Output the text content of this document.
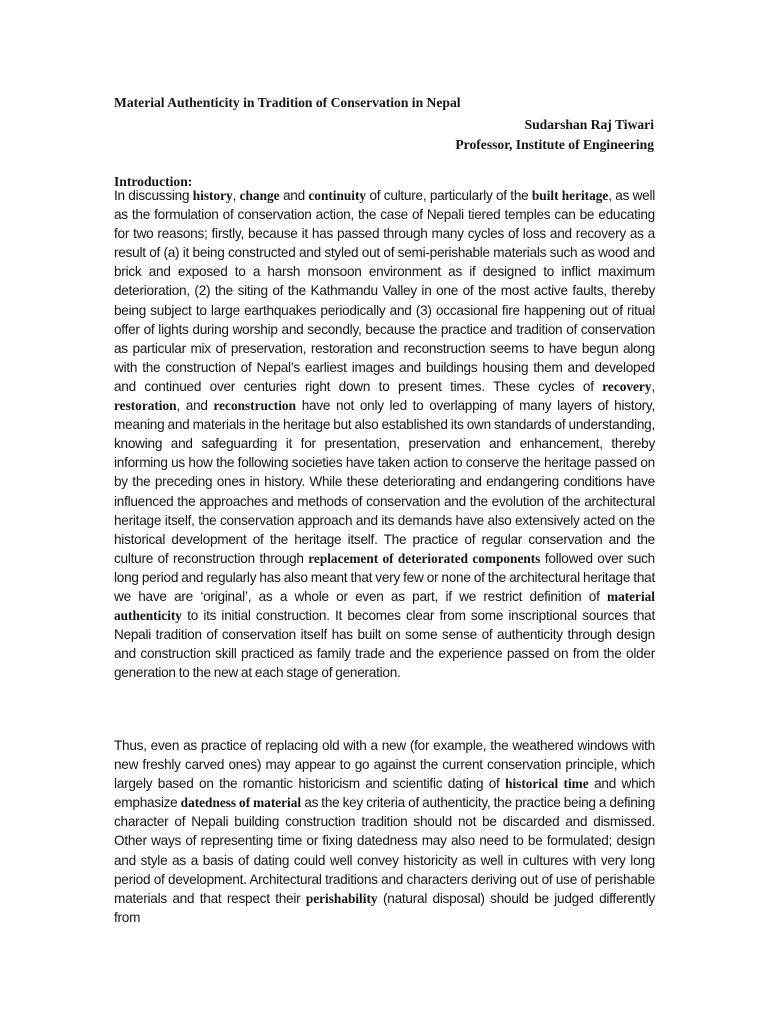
Material Authenticity in Tradition of Conservation in Nepal
Sudarshan Raj Tiwari
Professor, Institute of Engineering
Introduction:

In discussing history, change and continuity of culture, particularly of the built heritage, as well as the formulation of conservation action, the case of Nepali tiered temples can be educating for two reasons; firstly, because it has passed through many cycles of loss and recovery as a result of (a) it being constructed and styled out of semi-perishable materials such as wood and brick and exposed to a harsh monsoon environment as if designed to inflict maximum deterioration, (2) the siting of the Kathmandu Valley in one of the most active faults, thereby being subject to large earthquakes periodically and (3) occasional fire happening out of ritual offer of lights during worship and secondly, because the practice and tradition of conservation as particular mix of preservation, restoration and reconstruction seems to have begun along with the construction of Nepal’s earliest images and buildings housing them and developed and continued over centuries right down to present times. These cycles of recovery, restoration, and reconstruction have not only led to overlapping of many layers of history, meaning and materials in the heritage but also established its own standards of understanding, knowing and safeguarding it for presentation, preservation and enhancement, thereby informing us how the following societies have taken action to conserve the heritage passed on by the preceding ones in history. While these deteriorating and endangering conditions have influenced the approaches and methods of conservation and the evolution of the architectural heritage itself, the conservation approach and its demands have also extensively acted on the historical development of the heritage itself. The practice of regular conservation and the culture of reconstruction through replacement of deteriorated components followed over such long period and regularly has also meant that very few or none of the architectural heritage that we have are ‘original’, as a whole or even as part, if we restrict definition of material authenticity to its initial construction. It becomes clear from some inscriptional sources that Nepali tradition of conservation itself has built on some sense of authenticity through design and construction skill practiced as family trade and the experience passed on from the older generation to the new at each stage of generation.

Thus, even as practice of replacing old with a new (for example, the weathered windows with new freshly carved ones) may appear to go against the current conservation principle, which largely based on the romantic historicism and scientific dating of historical time and which emphasize datedness of material as the key criteria of authenticity, the practice being a defining character of Nepali building construction tradition should not be discarded and dismissed. Other ways of representing time or fixing datedness may also need to be formulated; design and style as a basis of dating could well convey historicity as well in cultures with very long period of development. Architectural traditions and characters deriving out of use of perishable materials and that respect their perishability (natural disposal) should be judged differently from
